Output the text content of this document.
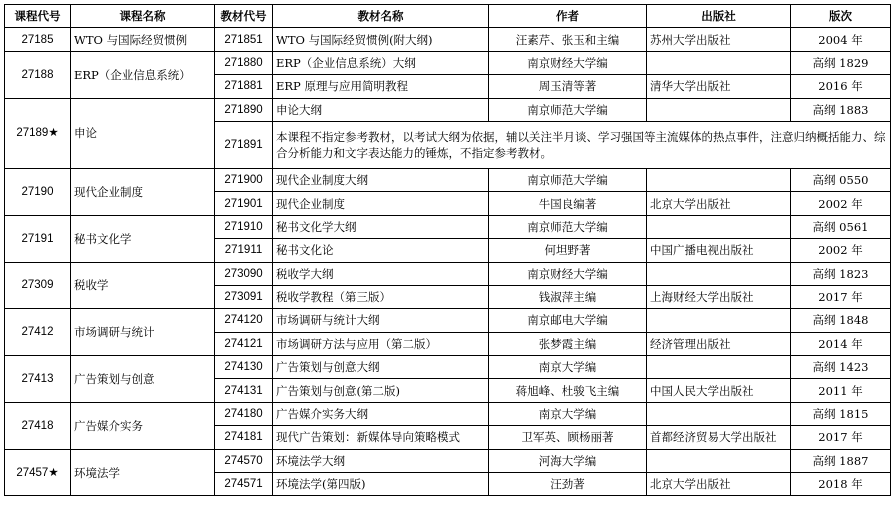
课程代号	课程名称	教材代号	教材名称	作者	出版社	版次
27185	WTO 与国际经贸惯例	271851	WTO 与国际经贸惯例(附大纲)	汪素芹、张玉和主编	苏州大学出版社	2004 年
27188	ERP（企业信息系统）	271880	ERP（企业信息系统）大纲	南京财经大学编		高纲 1829
		271881	ERP 原理与应用简明教程	周玉清等著	清华大学出版社	2016 年
27189★	申论	271890	申论大纲	南京师范大学编		高纲 1883
		271891	本课程不指定参考教材，以考试大纲为依据，辅以关注半月谈、学习强国等主流媒体的热点事件，注意归纳概括能力、综合分析能力和文字表达能力的锤炼，不指定参考教材。			
27190	现代企业制度	271900	现代企业制度大纲	南京师范大学编		高纲 0550
		271901	现代企业制度	牛国良编著	北京大学出版社	2002 年
27191	秘书文化学	271910	秘书文化学大纲	南京师范大学编		高纲 0561
		271911	秘书文化论	何坦野著	中国广播电视出版社	2002 年
27309	税收学	273090	税收学大纲	南京财经大学编		高纲 1823
		273091	税收学教程（第三版）	钱淑萍主编	上海财经大学出版社	2017 年
27412	市场调研与统计	274120	市场调研与统计大纲	南京邮电大学编		高纲 1848
		274121	市场调研方法与应用（第二版）	张梦霞主编	经济管理出版社	2014 年
27413	广告策划与创意	274130	广告策划与创意大纲	南京大学编		高纲 1423
		274131	广告策划与创意(第二版)	蒋旭峰、杜骏飞主编	中国人民大学出版社	2011 年
27418	广告媒介实务	274180	广告媒介实务大纲	南京大学编		高纲 1815
		274181	现代广告策划：新媒体导向策略模式	卫军英、顾杨丽著	首都经济贸易大学出版社	2017 年
27457★	环境法学	274570	环境法学大纲	河海大学编		高纲 1887
		274571	环境法学(第四版)	汪劲著	北京大学出版社	2018 年
